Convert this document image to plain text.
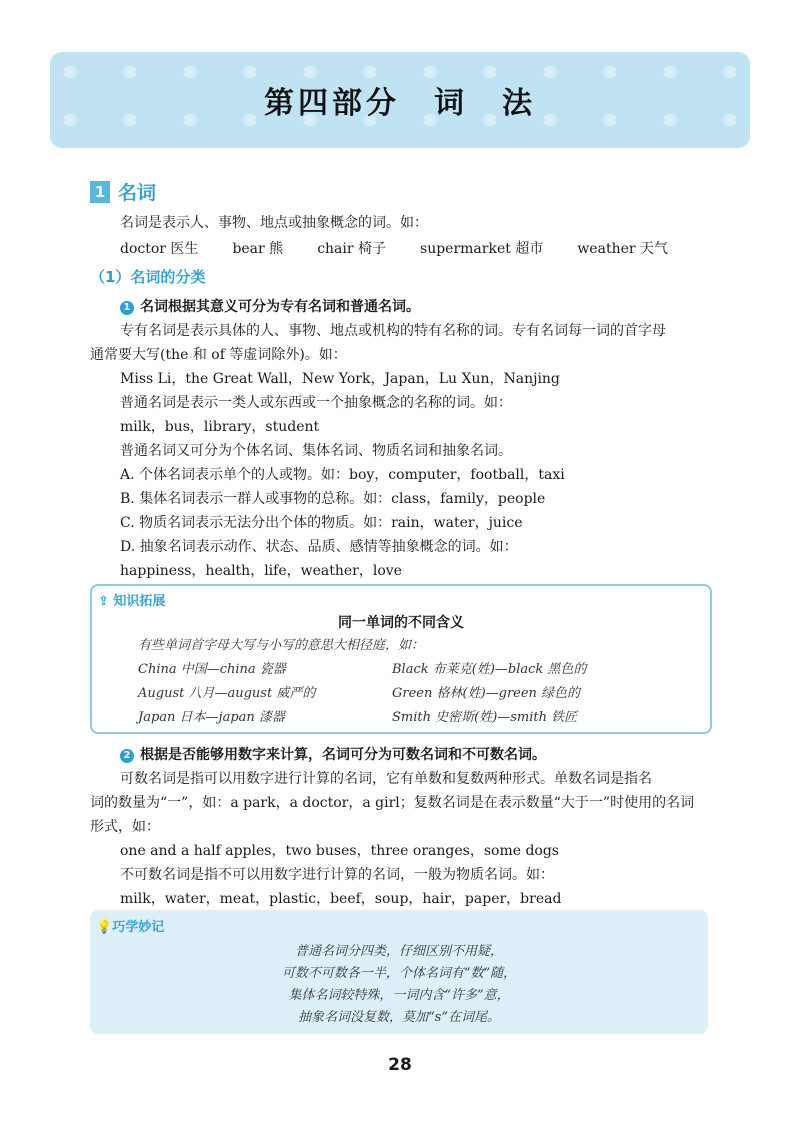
第四部分　词　法
1 名词
名词是表示人、事物、地点或抽象概念的词。如：
doctor 医生 bear 熊 chair 椅子 supermarket 超市 weather 天气
（1）名词的分类
1 名词根据其意义可分为专有名词和普通名词。
专有名词是表示具体的人、事物、地点或机构的特有名称的词。专有名词每一词的首字母
通常要大写(the 和 of 等虚词除外)。如：
Miss Li，the Great Wall，New York，Japan，Lu Xun，Nanjing
普通名词是表示一类人或东西或一个抽象概念的名称的词。如：
milk，bus，library，student
普通名词又可分为个体名词、集体名词、物质名词和抽象名词。
A. 个体名词表示单个的人或物。如：boy，computer，football，taxi
B. 集体名词表示一群人或事物的总称。如：class，family，people
C. 物质名词表示无法分出个体的物质。如：rain，water，juice
D. 抽象名词表示动作、状态、品质、感情等抽象概念的词。如：
happiness，health，life，weather，love
⇪ 知识拓展
同一单词的不同含义
有些单词首字母大写与小写的意思大相径庭，如：
China 中国—china 瓷器
August 八月—august 威严的
Japan 日本—japan 漆器
Black 布莱克(姓)—black 黑色的
Green 格林(姓)—green 绿色的
Smith 史密斯(姓)—smith 铁匠
2 根据是否能够用数字来计算，名词可分为可数名词和不可数名词。
可数名词是指可以用数字进行计算的名词，它有单数和复数两种形式。单数名词是指名
词的数量为“一”，如：a park，a doctor，a girl；复数名词是在表示数量“大于一”时使用的名词
形式，如：
one and a half apples，two buses，three oranges，some dogs
不可数名词是指不可以用数字进行计算的名词，一般为物质名词。如：
milk，water，meat，plastic，beef，soup，hair，paper，bread
💡巧学妙记
普通名词分四类，仔细区别不用疑，
可数不可数各一半，个体名词有“数”随，
集体名词较特殊，一词内含“许多”意，
抽象名词没复数，莫加“s”在词尾。
28
